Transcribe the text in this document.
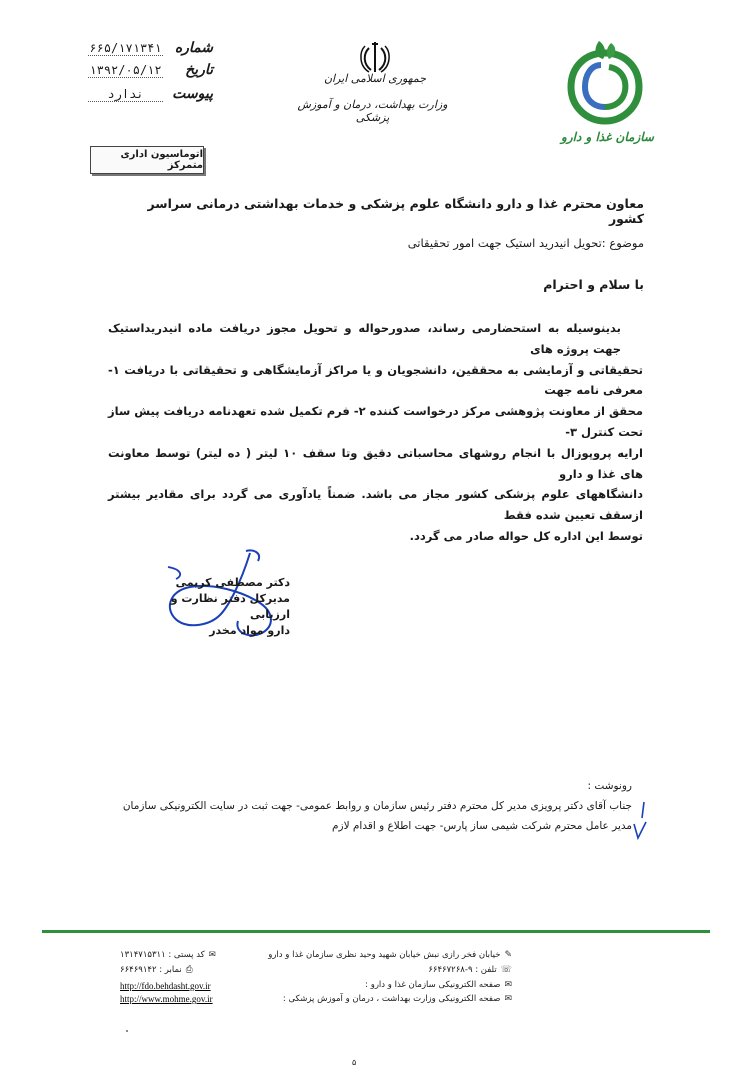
سازمان غذا و دارو
جمهوری اسلامی ایران
وزارت بهداشت، درمان و آموزش پزشکی
شماره
۶۶۵/۱۷۱۳۴۱
تاریخ
۱۳۹۲/۰۵/۱۲
پیوست
ندارد
اتوماسیون اداری متمرکز
معاون محترم غذا و دارو دانشگاه علوم پزشکی و خدمات بهداشتی درمانی سراسر کشور
موضوع :تحویل انیدرید استیک جهت امور تحقیقاتی
با سلام و احترام

بدینوسیله به استحضارمی رساند، صدورحواله و تحویل مجوز دریافت ماده انیدریداستیک جهت پروژه های

تحقیقاتی و آزمایشی به محققین، دانشجویان و یا مراکز آزمایشگاهی و تحقیقاتی با دریافت ۱- معرفی نامه جهت

محقق از معاونت پژوهشی مرکز درخواست کننده ۲- فرم تکمیل شده تعهدنامه دریافت پیش ساز تحت کنترل ۳-

ارایه پروپوزال با انجام روشهای محاسباتی دقیق وتا سقف ۱۰ لیتر ( ده لیتر) توسط معاونت های غذا و دارو

دانشگاههای علوم پزشکی کشور مجاز می باشد. ضمناً یادآوری می گردد برای مقادیر بیشتر ازسقف تعیین شده فقط

توسط این اداره کل حواله صادر می گردد.

دکتر مصطفی کریمی
مدیرکل دفتر نظارت و ارزیابی
دارو مواد مخدر
رونوشت :
جناب آقای دکتر پرویزی مدیر کل محترم دفتر رئیس سازمان و روابط عمومی- جهت ثبت در سایت الکترونیکی سازمان
مدیر عامل محترم شرکت شیمی ساز پارس- جهت اطلاع و اقدام لازم
✎
خیابان فخر رازی نبش خیابان شهید وحید نظری سازمان غذا و دارو
☏
تلفن : ۹-۶۶۴۶۷۲۶۸
✉
صفحه الکترونیکی سازمان غذا و دارو :
✉
صفحه الکترونیکی وزارت بهداشت ، درمان و آموزش پزشکی :
✉
کد پستی : ۱۳۱۴۷۱۵۳۱۱
⎙
نمابر : ۶۶۴۶۹۱۴۲
http://fdo.behdasht.gov.ir
http://www.mohme.gov.ir
۵
